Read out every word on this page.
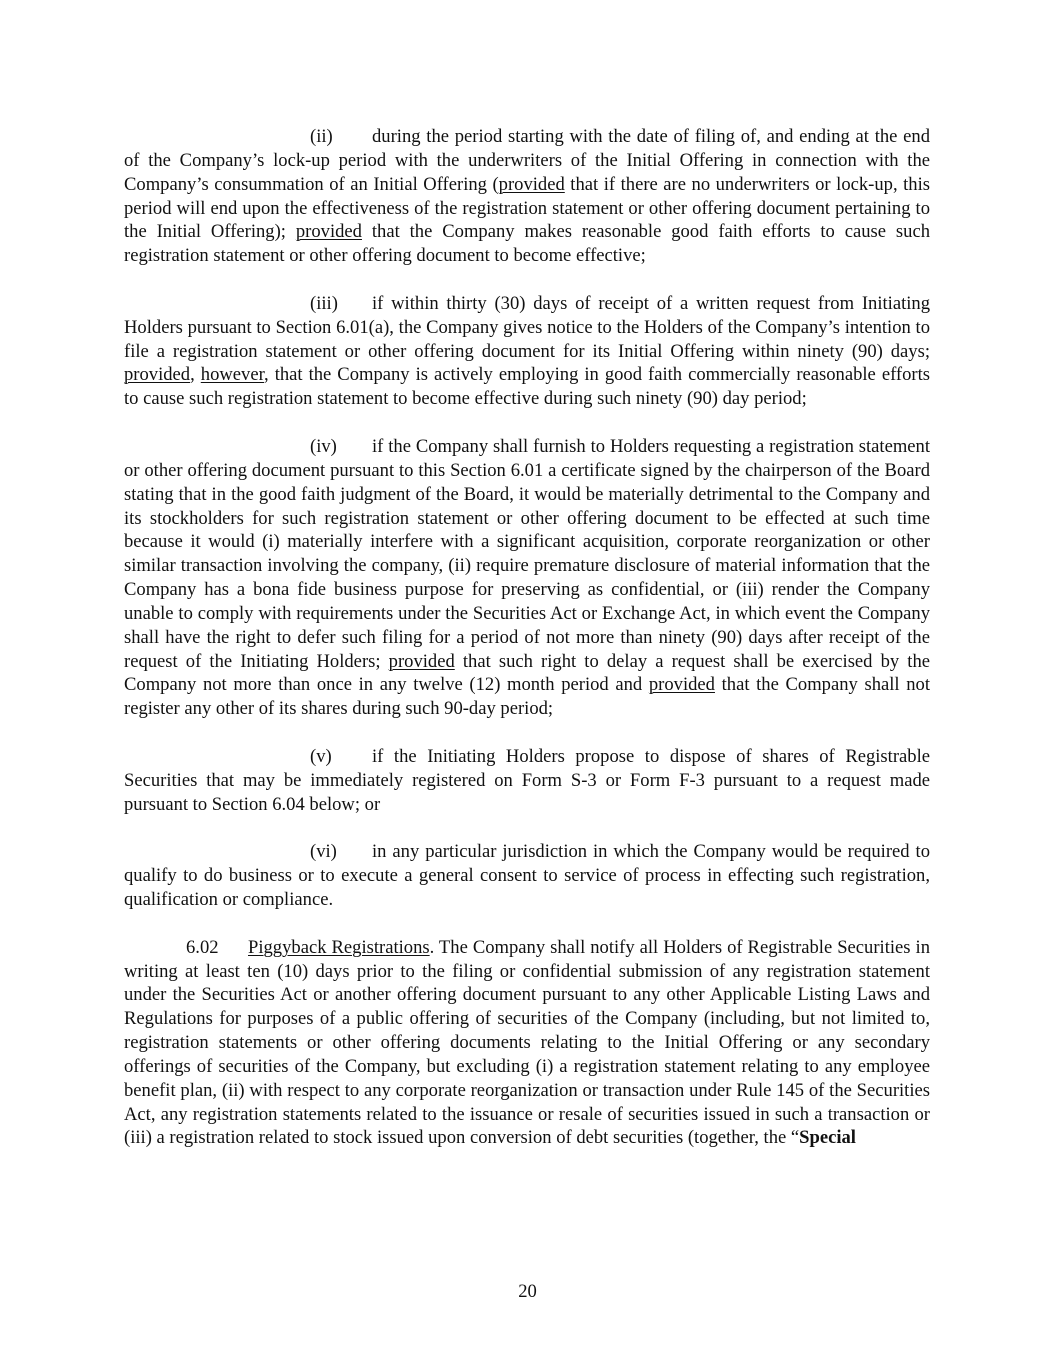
(ii) during the period starting with the date of filing of, and ending at the end of the Company’s lock-up period with the underwriters of the Initial Offering in connection with the Company’s consummation of an Initial Offering (provided that if there are no underwriters or lock-up, this period will end upon the effectiveness of the registration statement or other offering document pertaining to the Initial Offering); provided that the Company makes reasonable good faith efforts to cause such registration statement or other offering document to become effective;

(iii) if within thirty (30) days of receipt of a written request from Initiating Holders pursuant to Section 6.01(a), the Company gives notice to the Holders of the Company’s intention to file a registration statement or other offering document for its Initial Offering within ninety (90) days; provided, however, that the Company is actively employing in good faith commercially reasonable efforts to cause such registration statement to become effective during such ninety (90) day period;

(iv) if the Company shall furnish to Holders requesting a registration statement or other offering document pursuant to this Section 6.01 a certificate signed by the chairperson of the Board stating that in the good faith judgment of the Board, it would be materially detrimental to the Company and its stockholders for such registration statement or other offering document to be effected at such time because it would (i) materially interfere with a significant acquisition, corporate reorganization or other similar transaction involving the company, (ii) require premature disclosure of material information that the Company has a bona fide business purpose for preserving as confidential, or (iii) render the Company unable to comply with requirements under the Securities Act or Exchange Act, in which event the Company shall have the right to defer such filing for a period of not more than ninety (90) days after receipt of the request of the Initiating Holders; provided that such right to delay a request shall be exercised by the Company not more than once in any twelve (12) month period and provided that the Company shall not register any other of its shares during such 90-day period;

(v) if the Initiating Holders propose to dispose of shares of Registrable Securities that may be immediately registered on Form S-3 or Form F-3 pursuant to a request made pursuant to Section 6.04 below; or

(vi) in any particular jurisdiction in which the Company would be required to qualify to do business or to execute a general consent to service of process in effecting such registration, qualification or compliance.

6.02 Piggyback Registrations. The Company shall notify all Holders of Registrable Securities in writing at least ten (10) days prior to the filing or confidential submission of any registration statement under the Securities Act or another offering document pursuant to any other Applicable Listing Laws and Regulations for purposes of a public offering of securities of the Company (including, but not limited to, registration statements or other offering documents relating to the Initial Offering or any secondary offerings of securities of the Company, but excluding (i) a registration statement relating to any employee benefit plan, (ii) with respect to any corporate reorganization or transaction under Rule 145 of the Securities Act, any registration statements related to the issuance or resale of securities issued in such a transaction or (iii) a registration related to stock issued upon conversion of debt securities (together, the “Special

20
